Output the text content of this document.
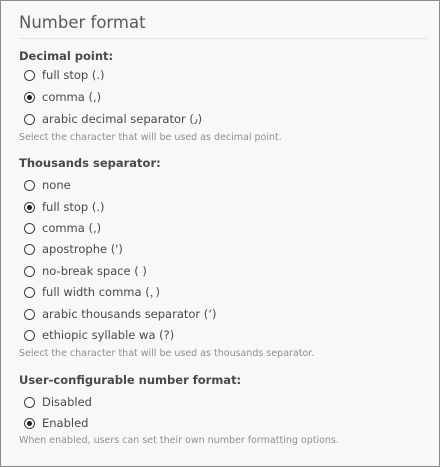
Number format
Decimal point:
full stop (.)
comma (,)
arabic decimal separator (٫)
Select the character that will be used as decimal point.
Thousands separator:
none
full stop (.)
comma (,)
apostrophe (')
no-break space ( )
full width comma (，)
arabic thousands separator (٬)
ethiopic syllable wa (?)
Select the character that will be used as thousands separator.
User-configurable number format:
Disabled
Enabled
When enabled, users can set their own number formatting options.
